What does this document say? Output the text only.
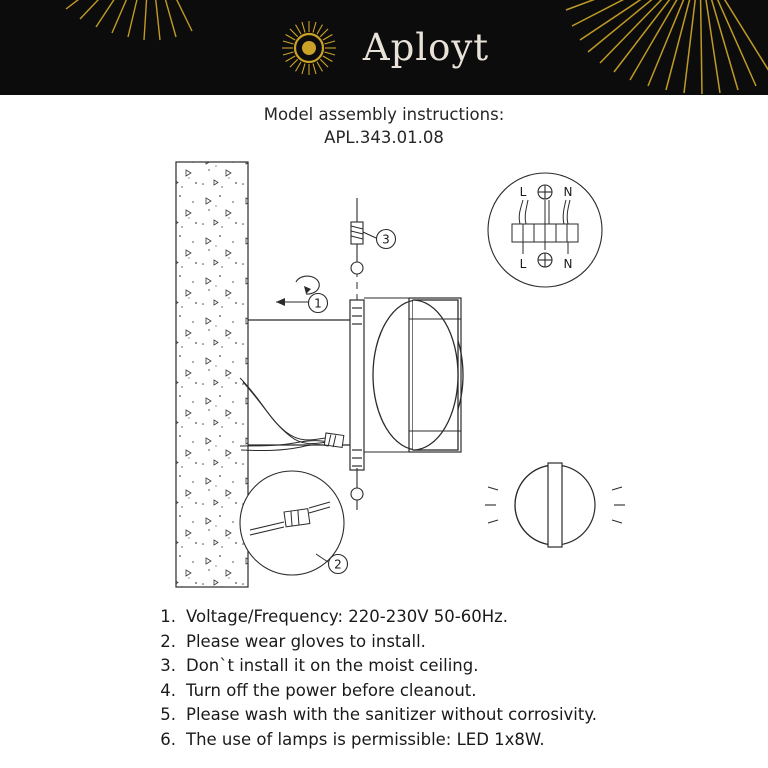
Aployt
Model assembly instructions:
APL.343.01.08
1
3
2
L	N
L	N
1. Voltage/Frequency: 220-230V 50-60Hz.
2. Please wear gloves to install.
3. Don`t install it on the moist ceiling.
4. Turn off the power before cleanout.
5. Please wash with the sanitizer without corrosivity.
6. The use of lamps is permissible: LED 1x8W.
